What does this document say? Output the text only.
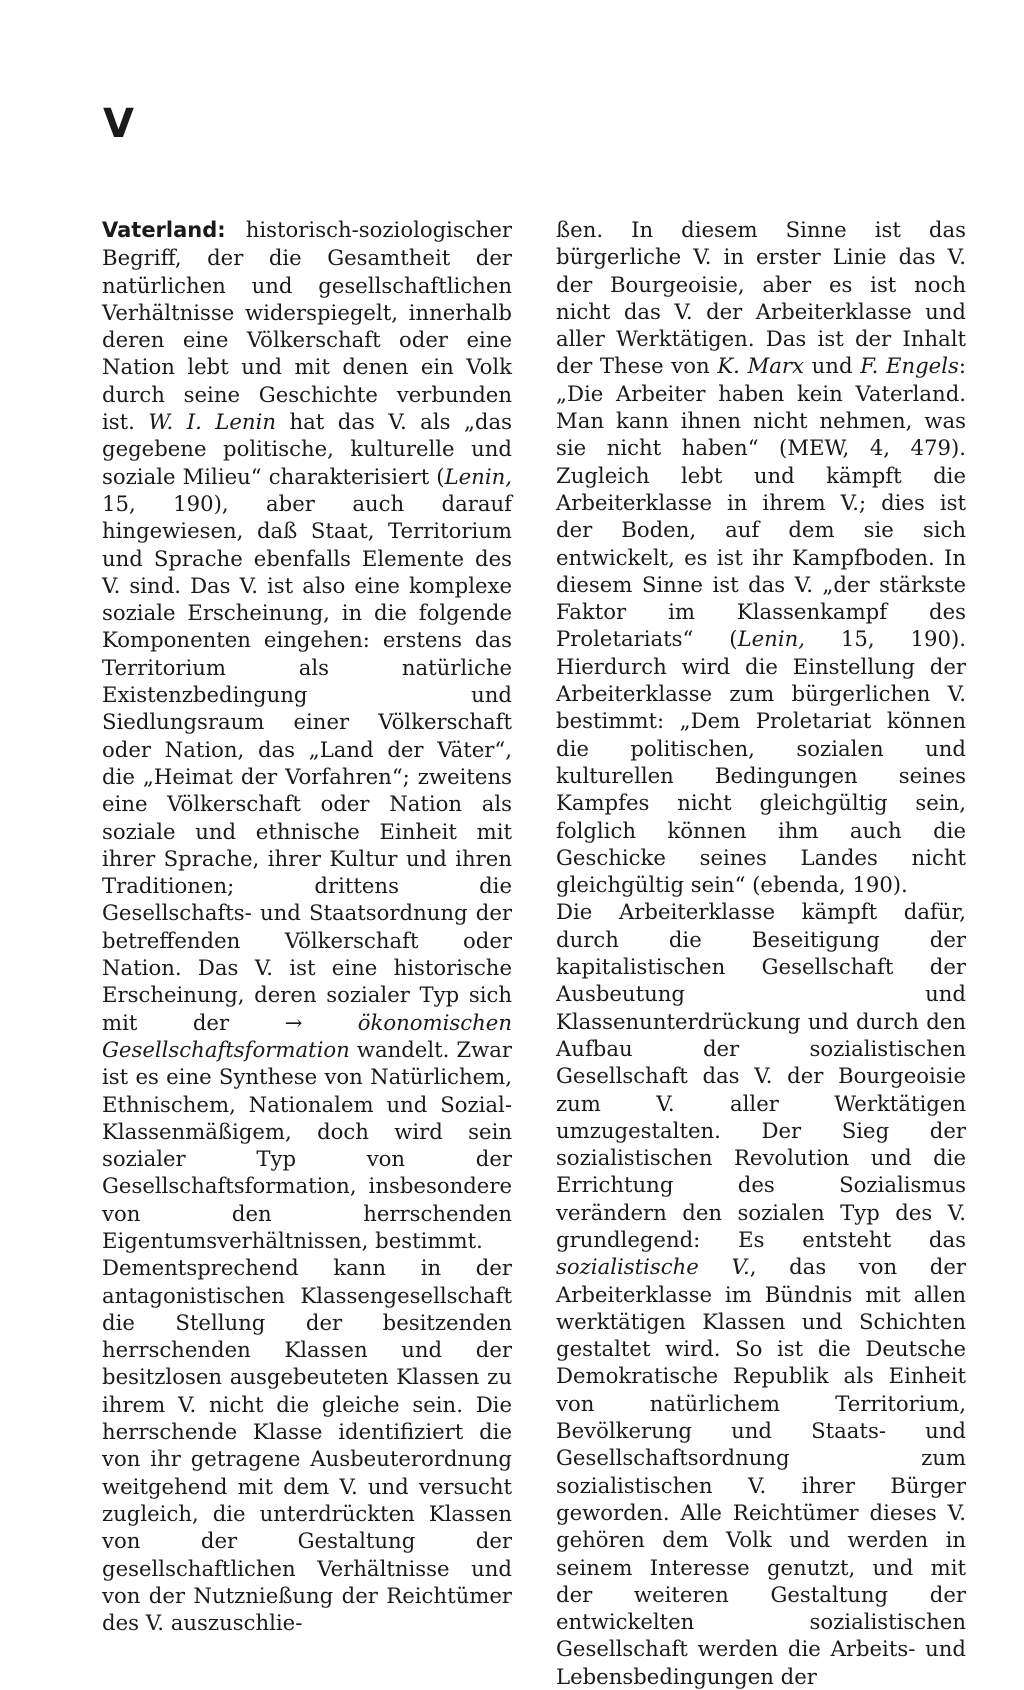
V

Vaterland: historisch-soziologischer Begriff, der die Gesamtheit der natürlichen und gesellschaftlichen Verhältnisse widerspiegelt, innerhalb deren eine Völkerschaft oder eine Nation lebt und mit denen ein Volk durch seine Geschichte verbunden ist. W. I. Lenin hat das V. als „das gegebene politische, kulturelle und soziale Milieu“ charakterisiert (Lenin, 15, 190), aber auch darauf hingewiesen, daß Staat, Territorium und Sprache ebenfalls Elemente des V. sind. Das V. ist also eine komplexe soziale Erscheinung, in die folgende Komponenten eingehen: erstens das Territorium als natürliche Existenzbedingung und Siedlungsraum einer Völkerschaft oder Nation, das „Land der Väter“, die „Heimat der Vorfahren“; zweitens eine Völkerschaft oder Nation als soziale und ethnische Einheit mit ihrer Sprache, ihrer Kultur und ihren Traditionen; drittens die Gesellschafts- und Staatsordnung der betreffenden Völkerschaft oder Nation. Das V. ist eine historische Erscheinung, deren sozialer Typ sich mit der → ökonomischen Gesellschaftsformation wandelt. Zwar ist es eine Synthese von Natürlichem, Ethnischem, Nationalem und Sozial-Klassenmäßigem, doch wird sein sozialer Typ von der Gesellschaftsformation, insbesondere von den herrschenden Eigentumsverhältnissen, bestimmt.

Dementsprechend kann in der antagonistischen Klassengesellschaft die Stellung der besitzenden herrschenden Klassen und der besitzlosen ausgebeuteten Klassen zu ihrem V. nicht die gleiche sein. Die herrschende Klasse identifiziert die von ihr getragene Ausbeuterordnung weitgehend mit dem V. und versucht zugleich, die unterdrückten Klassen von der Gestaltung der gesellschaftlichen Verhältnisse und von der Nutznießung der Reichtümer des V. auszuschlie-

ßen. In diesem Sinne ist das bürgerliche V. in erster Linie das V. der Bourgeoisie, aber es ist noch nicht das V. der Arbeiterklasse und aller Werktätigen. Das ist der Inhalt der These von K. Marx und F. Engels: „Die Arbeiter haben kein Vaterland. Man kann ihnen nicht nehmen, was sie nicht haben“ (MEW, 4, 479). Zugleich lebt und kämpft die Arbeiterklasse in ihrem V.; dies ist der Boden, auf dem sie sich entwickelt, es ist ihr Kampfboden. In diesem Sinne ist das V. „der stärkste Faktor im Klassenkampf des Proletariats“ (Lenin, 15, 190). Hierdurch wird die Einstellung der Arbeiterklasse zum bürgerlichen V. bestimmt: „Dem Proletariat können die politischen, sozialen und kulturellen Bedingungen seines Kampfes nicht gleichgültig sein, folglich können ihm auch die Geschicke seines Landes nicht gleichgültig sein“ (ebenda, 190).

Die Arbeiterklasse kämpft dafür, durch die Beseitigung der kapitalistischen Gesellschaft der Ausbeutung und Klassenunterdrückung und durch den Aufbau der sozialistischen Gesellschaft das V. der Bourgeoisie zum V. aller Werktätigen umzugestalten. Der Sieg der sozialistischen Revolution und die Errichtung des Sozialismus verändern den sozialen Typ des V. grundlegend: Es entsteht das sozialistische V., das von der Arbeiterklasse im Bündnis mit allen werktätigen Klassen und Schichten gestaltet wird. So ist die Deutsche Demokratische Republik als Einheit von natürlichem Territorium, Bevölkerung und Staats- und Gesellschaftsordnung zum sozialistischen V. ihrer Bürger geworden. Alle Reichtümer dieses V. gehören dem Volk und werden in seinem Interesse genutzt, und mit der weiteren Gestaltung der entwickelten sozialistischen Gesellschaft werden die Arbeits- und Lebensbedingungen der
